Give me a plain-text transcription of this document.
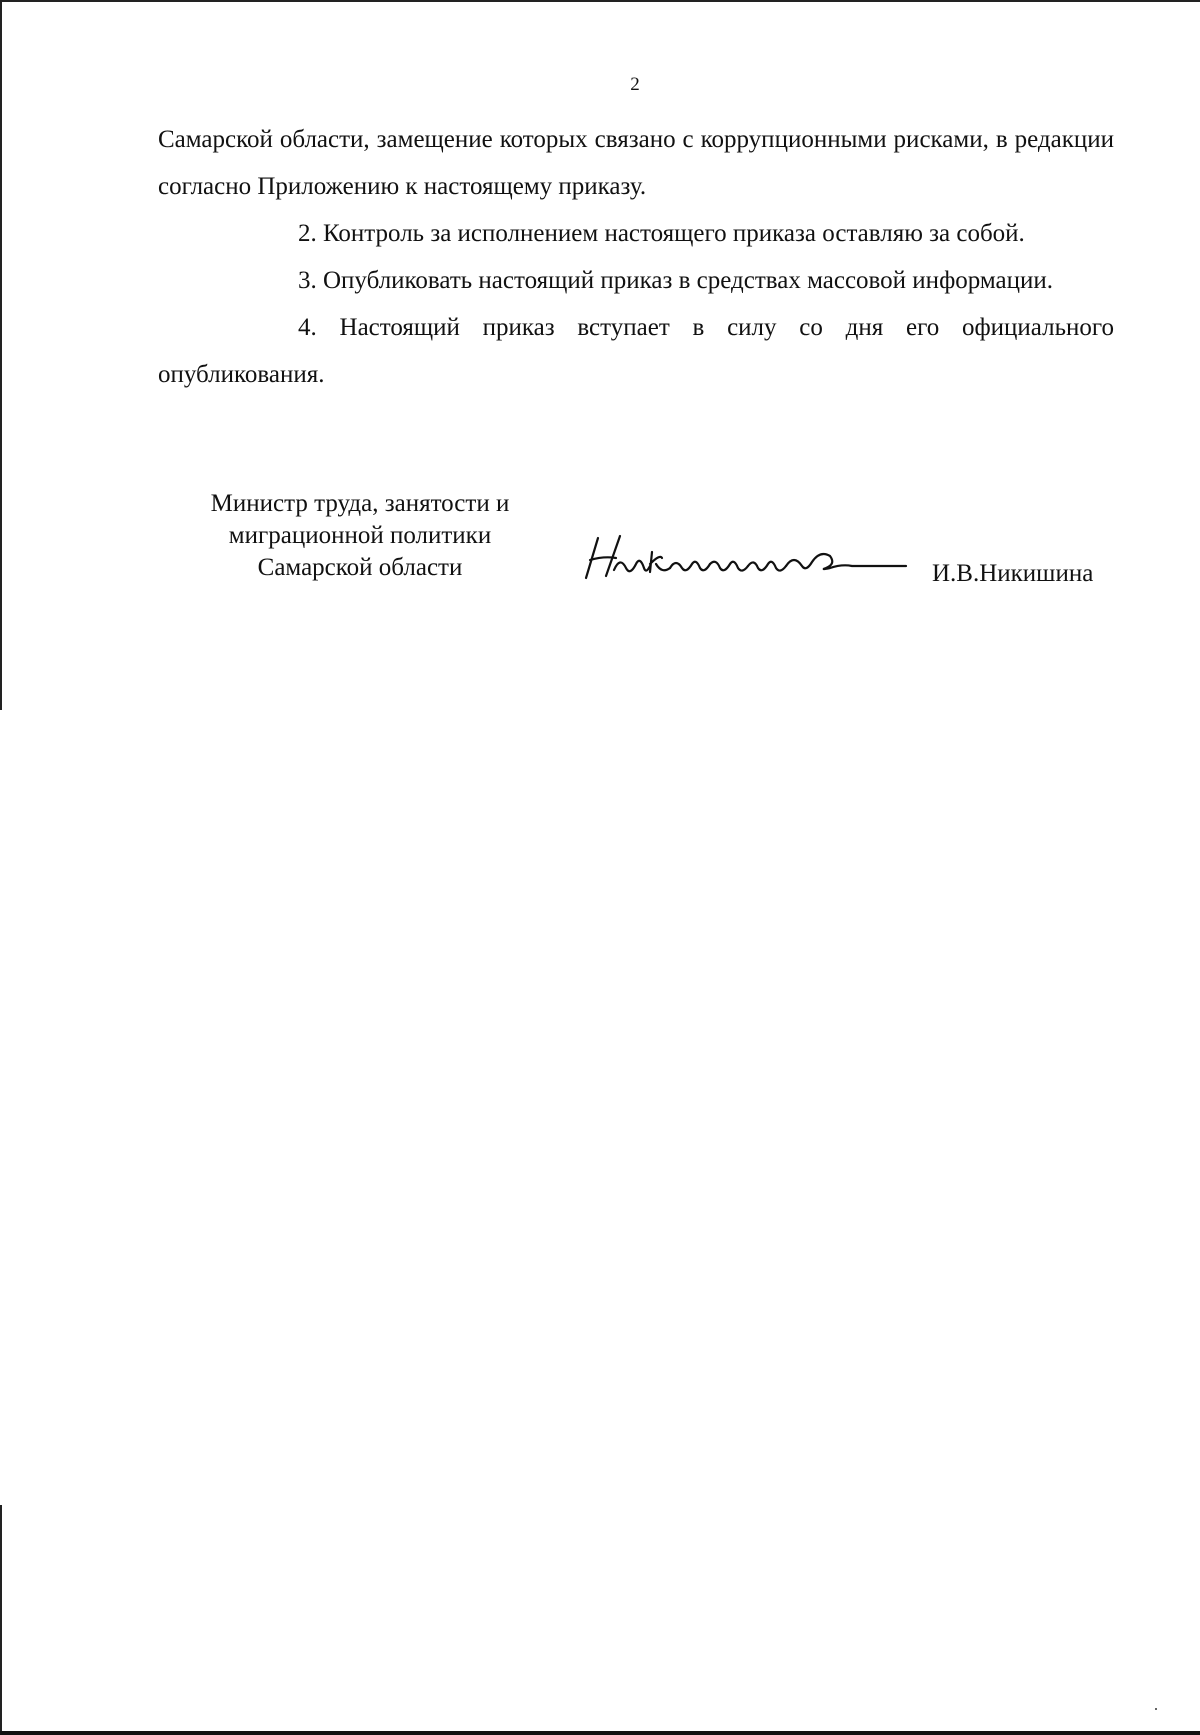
2

Самарской области, замещение которых связано с коррупционными рисками, в редакции согласно Приложению к настоящему приказу.

2. Контроль за исполнением настоящего приказа оставляю за собой.

3. Опубликовать настоящий приказ в средствах массовой информации.

4. Настоящий приказ вступает в силу со дня его официального опубликования.

Министр труда, занятости и
миграционной политики
Самарской области	И.В.Никишина
